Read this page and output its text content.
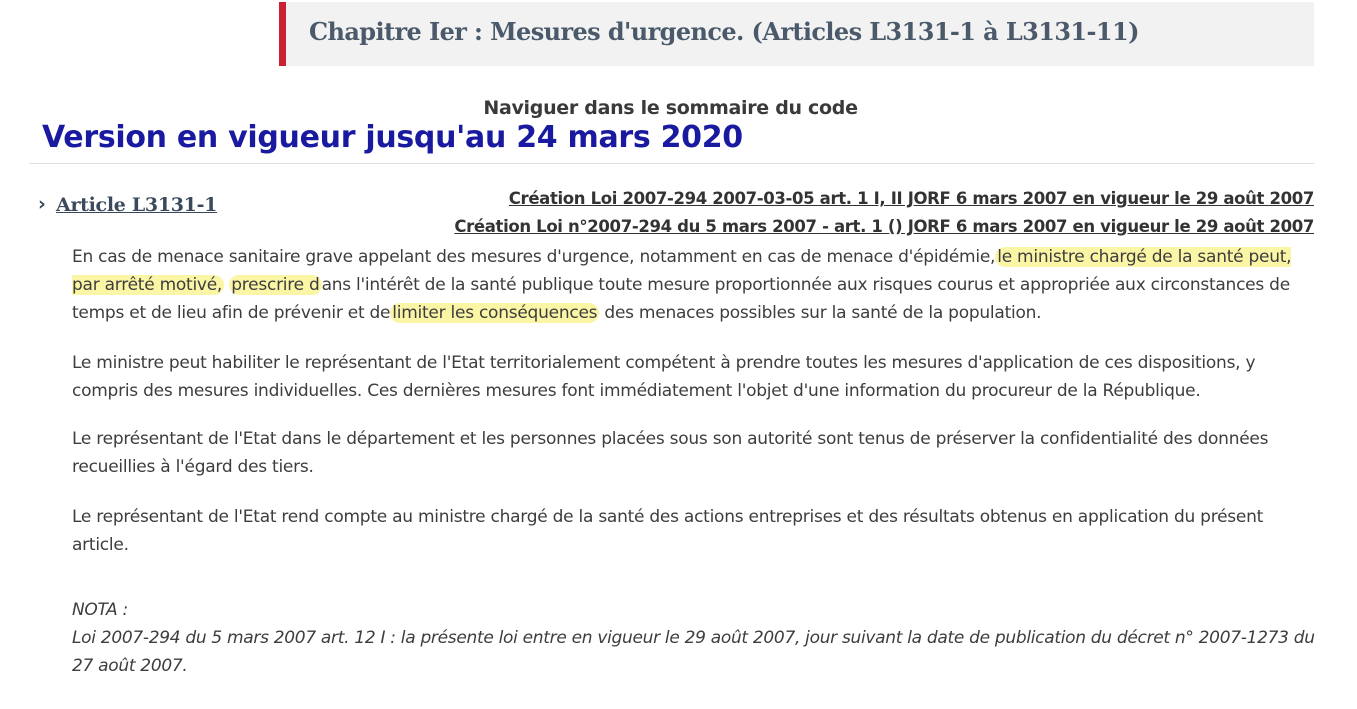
Chapitre Ier : Mesures d'urgence. (Articles L3131-1 à L3131-11)
Naviguer dans le sommaire du code
Version en vigueur jusqu'au 24 mars 2020
› Article L3131-1	Création Loi 2007-294 2007-03-05 art. 1 I, II JORF 6 mars 2007 en vigueur le 29 août 2007
Création Loi n°2007-294 du 5 mars 2007 - art. 1 () JORF 6 mars 2007 en vigueur le 29 août 2007

En cas de menace sanitaire grave appelant des mesures d'urgence, notamment en cas de menace d'épidémie, le ministre chargé de la santé peut, par arrêté motivé, prescrire d ans l'intérêt de la santé publique toute mesure proportionnée aux risques courus et appropriée aux circonstances de temps et de lieu afin de prévenir et de limiter les conséquences des menaces possibles sur la santé de la population.

Le ministre peut habiliter le représentant de l'Etat territorialement compétent à prendre toutes les mesures d'application de ces dispositions, y compris des mesures individuelles. Ces dernières mesures font immédiatement l'objet d'une information du procureur de la République.

Le représentant de l'Etat dans le département et les personnes placées sous son autorité sont tenus de préserver la confidentialité des données recueillies à l'égard des tiers.

Le représentant de l'Etat rend compte au ministre chargé de la santé des actions entreprises et des résultats obtenus en application du présent article.

NOTA :
Loi 2007-294 du 5 mars 2007 art. 12 I : la présente loi entre en vigueur le 29 août 2007, jour suivant la date de publication du décret n° 2007-1273 du 27 août 2007.
